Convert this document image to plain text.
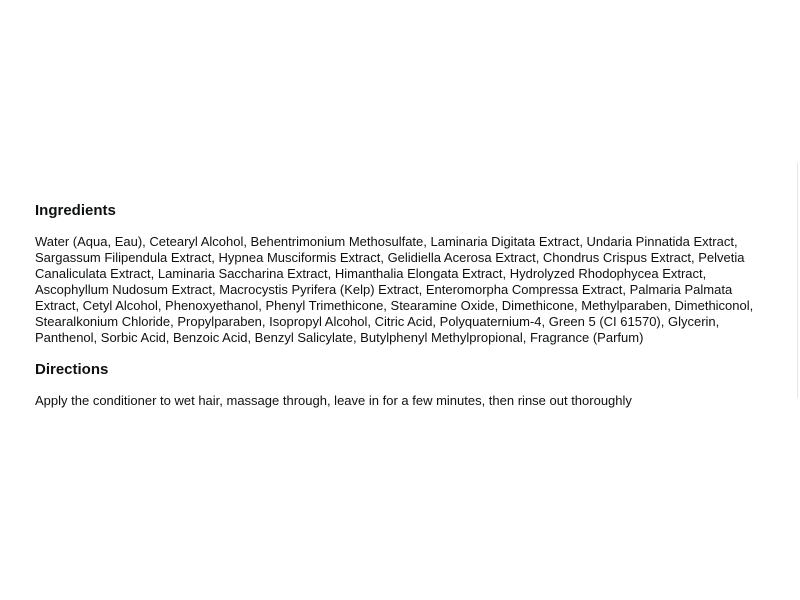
Ingredients

Water (Aqua, Eau), Cetearyl Alcohol, Behentrimonium Methosulfate, Laminaria Digitata Extract, Undaria Pinnatida Extract, Sargassum Filipendula Extract, Hypnea Musciformis Extract, Gelidiella Acerosa Extract, Chondrus Crispus Extract, Pelvetia Canaliculata Extract, Laminaria Saccharina Extract, Himanthalia Elongata Extract, Hydrolyzed Rhodophycea Extract, Ascophyllum Nudosum Extract, Macrocystis Pyrifera (Kelp) Extract, Enteromorpha Compressa Extract, Palmaria Palmata Extract, Cetyl Alcohol, Phenoxyethanol, Phenyl Trimethicone, Stearamine Oxide, Dimethicone, Methylparaben, Dimethiconol, Stearalkonium Chloride, Propylparaben, Isopropyl Alcohol, Citric Acid, Polyquaternium-4, Green 5 (CI 61570), Glycerin, Panthenol, Sorbic Acid, Benzoic Acid, Benzyl Salicylate, Butylphenyl Methylpropional, Fragrance (Parfum)

Directions

Apply the conditioner to wet hair, massage through, leave in for a few minutes, then rinse out thoroughly
